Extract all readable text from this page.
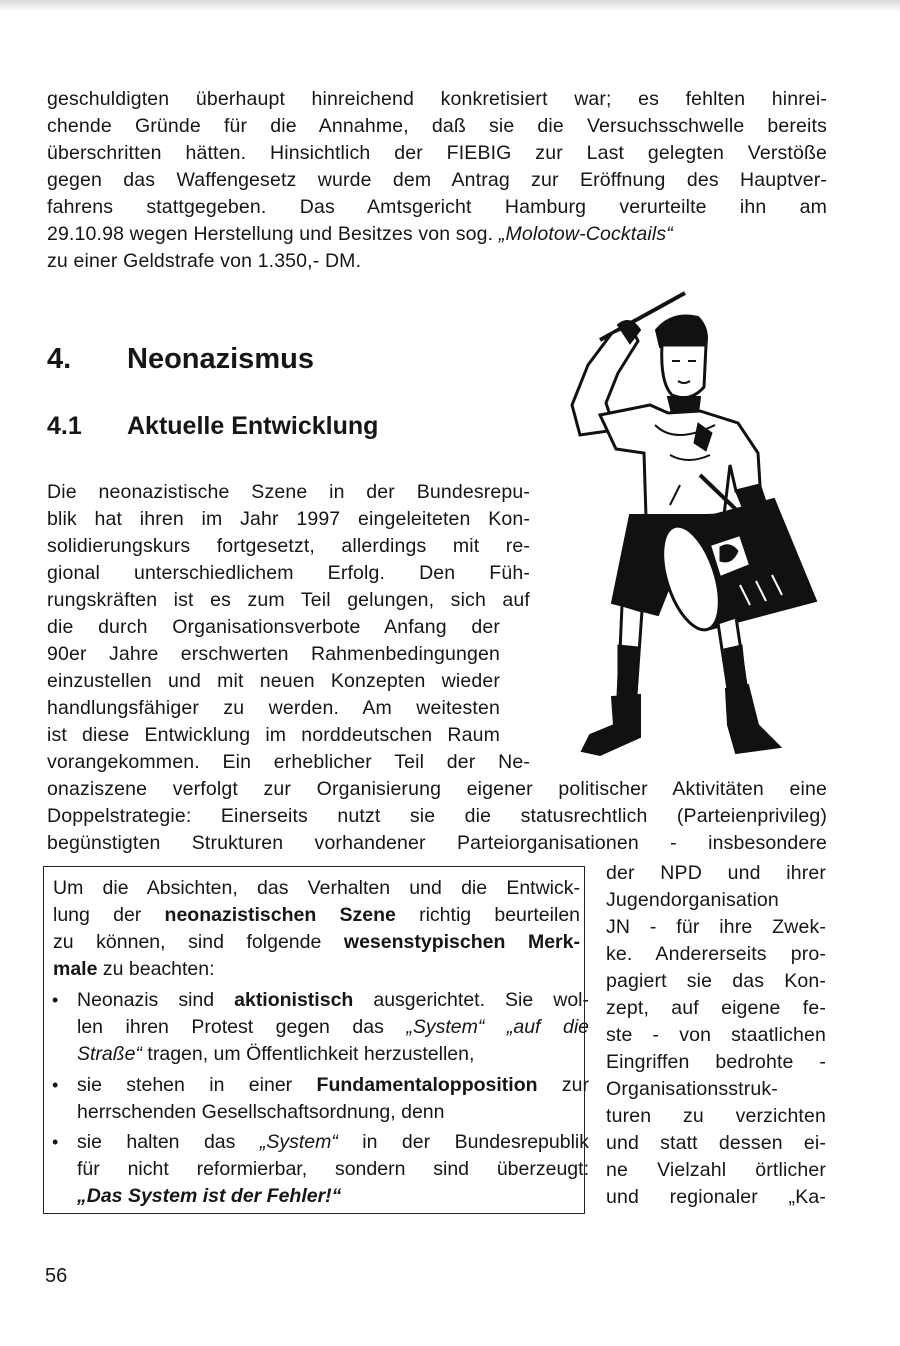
geschuldigten überhaupt hinreichend konkretisiert war; es fehlten hinrei-
chende Gründe für die Annahme, daß sie die Versuchsschwelle bereits
überschritten hätten. Hinsichtlich der FIEBIG zur Last gelegten Verstöße
gegen das Waffengesetz wurde dem Antrag zur Eröffnung des Hauptver-
fahrens stattgegeben. Das Amtsgericht Hamburg verurteilte ihn am
29.10.98 wegen Herstellung und Besitzes von sog. „Molotow-Cocktails“
zu einer Geldstrafe von 1.350,- DM.
4. Neonazismus
4.1 Aktuelle Entwicklung
Die neonazistische Szene in der Bundesrepu-
blik hat ihren im Jahr 1997 eingeleiteten Kon-
solidierungskurs fortgesetzt, allerdings mit re-
gional unterschiedlichem Erfolg. Den Füh-
rungskräften ist es zum Teil gelungen, sich auf
die durch Organisationsverbote Anfang der
90er Jahre erschwerten Rahmenbedingungen
einzustellen und mit neuen Konzepten wieder
handlungsfähiger zu werden. Am weitesten
ist diese Entwicklung im norddeutschen Raum
vorangekommen. Ein erheblicher Teil der Ne-
onaziszene verfolgt zur Organisierung eigener politischer Aktivitäten eine
Doppelstrategie: Einerseits nutzt sie die statusrechtlich (Parteienprivileg)
begünstigten Strukturen vorhandener Parteiorganisationen - insbesondere
der NPD und ihrer
Jugendorganisation
JN - für ihre Zwek-
ke. Andererseits pro-
pagiert sie das Kon-
zept, auf eigene fe-
ste - von staatlichen
Eingriffen bedrohte -
Organisationsstruk-
turen zu verzichten
und statt dessen ei-
ne Vielzahl örtlicher
und regionaler „Ka-
Um die Absichten, das Verhalten und die Entwick-
lung der neonazistischen Szene richtig beurteilen
zu können, sind folgende wesenstypischen Merk-
male zu beachten:
• Neonazis sind aktionistisch ausgerichtet. Sie wol-
len ihren Protest gegen das „System“ „auf die
Straße“ tragen, um Öffentlichkeit herzustellen,
• sie stehen in einer Fundamentalopposition zur
herrschenden Gesellschaftsordnung, denn
• sie halten das „System“ in der Bundesrepublik
für nicht reformierbar, sondern sind überzeugt:
„Das System ist der Fehler!“
56
